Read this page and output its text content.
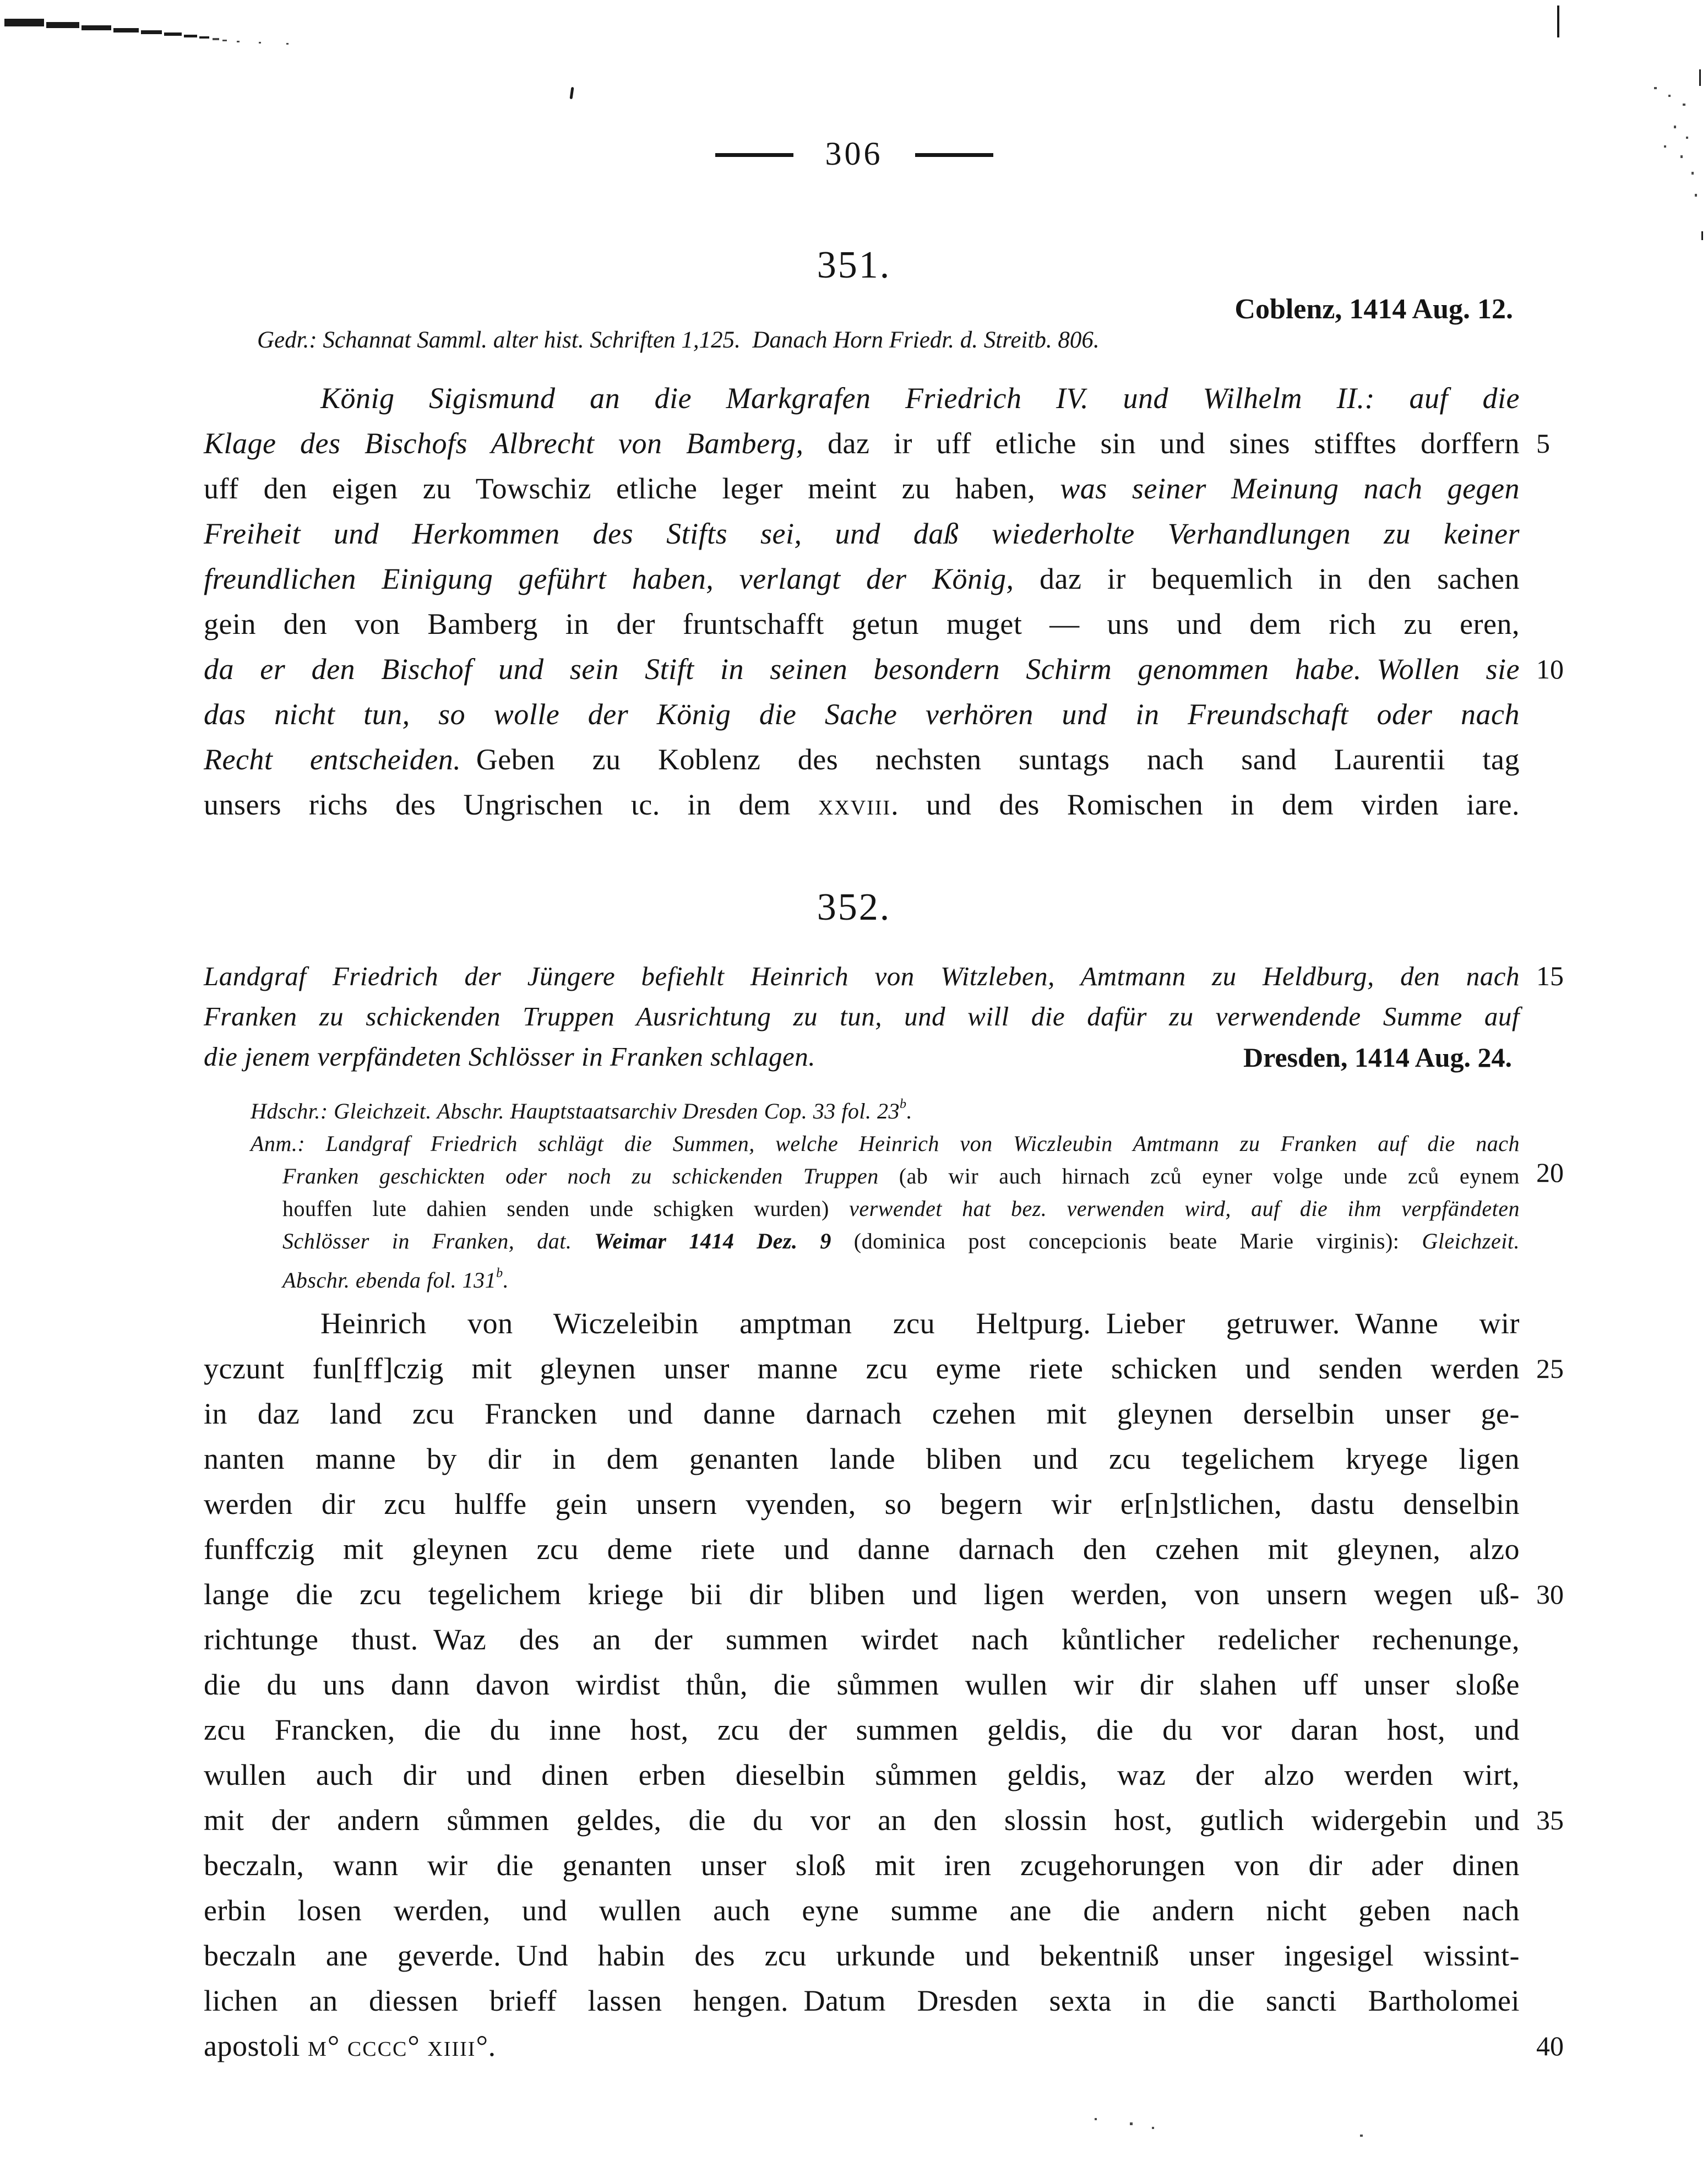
306
351.
Coblenz, 1414 Aug. 12.
Gedr.: Schannat Samml. alter hist. Schriften 1,125. Danach Horn Friedr. d. Streitb. 806.
König Sigismund an die Markgrafen Friedrich IV. und Wilhelm II.: auf die
Klage des Bischofs Albrecht von Bamberg, daz ir uff etliche sin und sines stifftes dorffern 5
uff den eigen zu Towschiz etliche leger meint zu haben, was seiner Meinung nach gegen
Freiheit und Herkommen des Stifts sei, und daß wiederholte Verhandlungen zu keiner
freundlichen Einigung geführt haben, verlangt der König, daz ir bequemlich in den sachen
gein den von Bamberg in der fruntschafft getun muget — uns und dem rich zu eren,
da er den Bischof und sein Stift in seinen besondern Schirm genommen habe. Wollen sie 10
das nicht tun, so wolle der König die Sache verhören und in Freundschaft oder nach
Recht entscheiden. Geben zu Koblenz des nechsten suntags nach sand Laurentii tag
unsers richs des Ungrischen ɩc. in dem xxviii. und des Romischen in dem virden iare.
352.
Landgraf Friedrich der Jüngere befiehlt Heinrich von Witzleben, Amtmann zu Heldburg, den nach 15
Franken zu schickenden Truppen Ausrichtung zu tun, und will die dafür zu verwendende Summe auf
die jenem verpfändeten Schlösser in Franken schlagen.	Dresden, 1414 Aug. 24.
Hdschr.: Gleichzeit. Abschr. Hauptstaatsarchiv Dresden Cop. 33 fol. 23$^b$.
Anm.: Landgraf Friedrich schlägt die Summen, welche Heinrich von Wiczleubin Amtmann zu Franken auf die nach
Franken geschickten oder noch zu schickenden Truppen (ab wir auch hirnach zců eyner volge unde zců eynem 20
houffen lute dahien senden unde schigken wurden) verwendet hat bez. verwenden wird, auf die ihm verpfändeten
Schlösser in Franken, dat. Weimar 1414 Dez. 9 (dominica post concepcionis beate Marie virginis): Gleichzeit.
Abschr. ebenda fol. 131$^b$.
Heinrich von Wiczeleibin amptman zcu Heltpurg. Lieber getruwer. Wanne wir
yczunt fun[ff]czig mit gleynen unser manne zcu eyme riete schicken und senden werden 25
in daz land zcu Francken und danne darnach czehen mit gleynen derselbin unser ge-
nanten manne by dir in dem genanten lande bliben und zcu tegelichem kryege ligen
werden dir zcu hulffe gein unsern vyenden, so begern wir er[n]stlichen, dastu denselbin
funffczig mit gleynen zcu deme riete und danne darnach den czehen mit gleynen, alzo
lange die zcu tegelichem kriege bii dir bliben und ligen werden, von unsern wegen uß- 30
richtunge thust. Waz des an der summen wirdet nach kůntlicher redelicher rechenunge,
die du uns dann davon wirdist thůn, die sůmmen wullen wir dir slahen uff unser sloße
zcu Francken, die du inne host, zcu der summen geldis, die du vor daran host, und
wullen auch dir und dinen erben dieselbin sůmmen geldis, waz der alzo werden wirt,
mit der andern sůmmen geldes, die du vor an den slossin host, gutlich widergebin und 35
beczaln, wann wir die genanten unser sloß mit iren zcugehorungen von dir ader dinen
erbin losen werden, und wullen auch eyne summe ane die andern nicht geben nach
beczaln ane geverde. Und habin des zcu urkunde und bekentniß unser ingesigel wissint-
lichen an diessen brieff lassen hengen. Datum Dresden sexta in die sancti Bartholomei
apostoli m° cccc° xiiii°.	40
